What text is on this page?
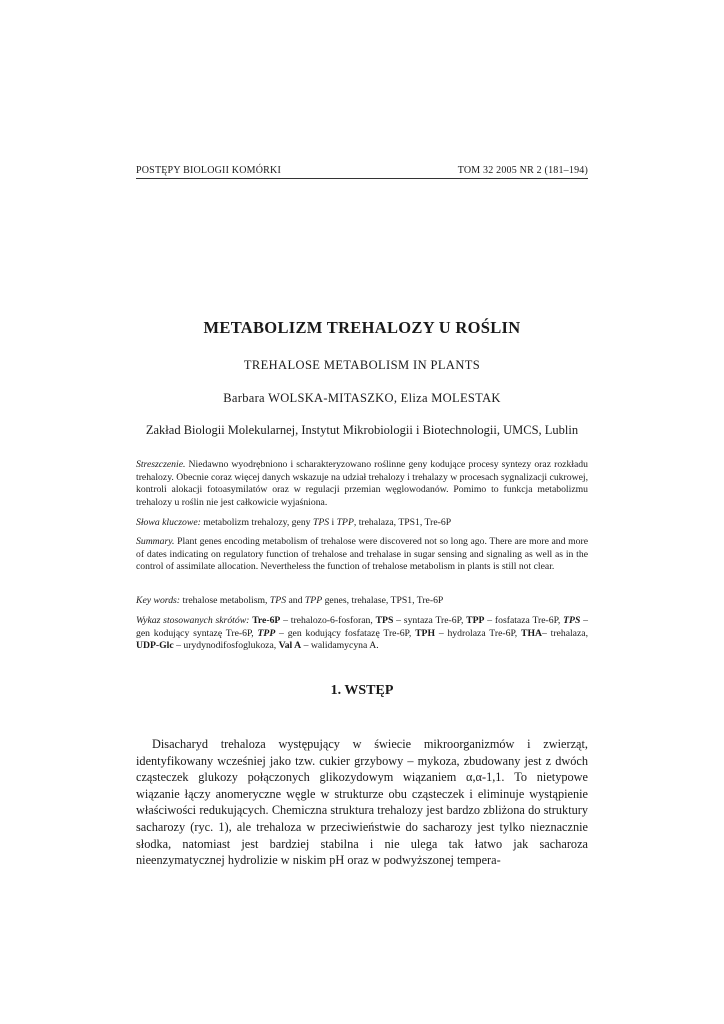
POSTĘPY BIOLOGII KOMÓRKI	TOM 32 2005 NR 2 (181–194)
METABOLIZM TREHALOZY U ROŚLIN
TREHALOSE METABOLISM IN PLANTS
Barbara WOLSKA-MITASZKO, Eliza MOLESTAK
Zakład Biologii Molekularnej, Instytut Mikrobiologii i Biotechnologii, UMCS, Lublin
Streszczenie. Niedawno wyodrębniono i scharakteryzowano roślinne geny kodujące procesy syntezy oraz rozkładu trehalozy. Obecnie coraz więcej danych wskazuje na udział trehalozy i trehalazy w procesach sygnalizacji cukrowej, kontroli alokacji fotoasymilatów oraz w regulacji przemian węglowodanów. Pomimo to funkcja metabolizmu trehalozy u roślin nie jest całkowicie wyjaśniona.
Słowa kluczowe: metabolizm trehalozy, geny TPS i TPP, trehalaza, TPS1, Tre-6P
Summary. Plant genes encoding metabolism of trehalose were discovered not so long ago. There are more and more of dates indicating on regulatory function of trehalose and trehalase in sugar sensing and signaling as well as in the control of assimilate allocation. Nevertheless the function of trehalose metabolism in plants is still not clear.
Key words: trehalose metabolism, TPS and TPP genes, trehalase, TPS1, Tre-6P
Wykaz stosowanych skrótów: Tre-6P – trehalozo-6-fosforan, TPS – syntaza Tre-6P, TPP – fosfataza Tre-6P, TPS – gen kodujący syntazę Tre-6P, TPP – gen kodujący fosfatazę Tre-6P, TPH – hydrolaza Tre-6P, THA– trehalaza, UDP-Glc – urydynodifosfoglukoza, Val A – walidamycyna A.
1. WSTĘP
Disacharyd trehaloza występujący w świecie mikroorganizmów i zwierząt, identyfikowany wcześniej jako tzw. cukier grzybowy – mykoza, zbudowany jest z dwóch cząsteczek glukozy połączonych glikozydowym wiązaniem α,α-1,1. To nietypowe wiązanie łączy anomeryczne węgle w strukturze obu cząsteczek i eliminuje wystąpienie właściwości redukujących. Chemiczna struktura trehalozy jest bardzo zbliżona do struktury sacharozy (ryc. 1), ale trehaloza w przeciwieństwie do sacharozy jest tylko nieznacznie słodka, natomiast jest bardziej stabilna i nie ulega tak łatwo jak sacharoza nieenzymatycznej hydrolizie w niskim pH oraz w podwyższonej tempera-
